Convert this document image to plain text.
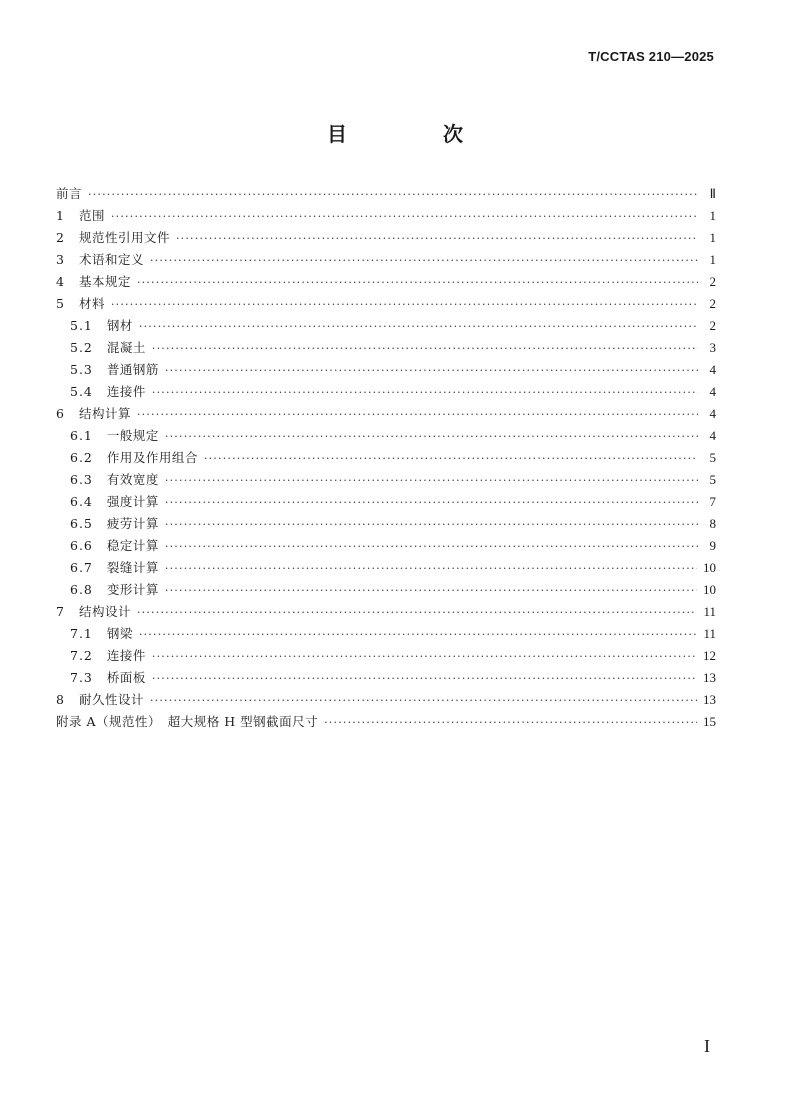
T/CCTAS 210—2025
目　次
前言 ·····	Ⅱ
1 范围 ·····	1
2 规范性引用文件 ·····	1
3 术语和定义 ·····	1
4 基本规定 ·····	2
5 材料 ·····	2
5.1 钢材 ·····	2
5.2 混凝土 ·····	3
5.3 普通钢筋 ·····	4
5.4 连接件 ·····	4
6 结构计算 ·····	4
6.1 一般规定 ·····	4
6.2 作用及作用组合 ·····	5
6.3 有效宽度 ·····	5
6.4 强度计算 ·····	7
6.5 疲劳计算 ·····	8
6.6 稳定计算 ·····	9
6.7 裂缝计算 ·····	10
6.8 变形计算 ·····	10
7 结构设计 ·····	11
7.1 钢梁 ·····	11
7.2 连接件 ·····	12
7.3 桥面板 ·····	13
8 耐久性设计 ·····	13
附录 A（规范性）　超大规格 H 型钢截面尺寸 ·····	15
I
